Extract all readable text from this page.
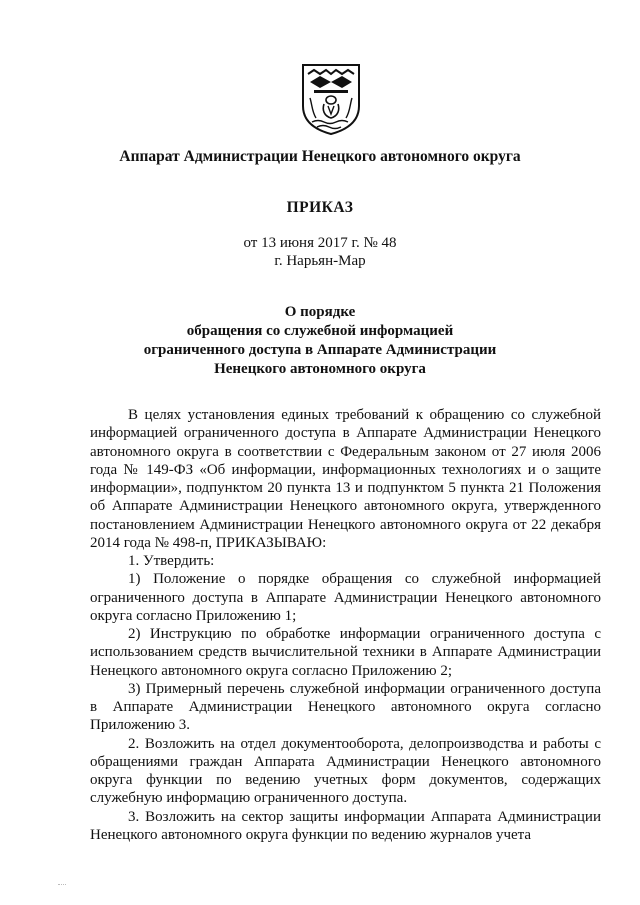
Аппарат Администрации Ненецкого автономного округа
ПРИКАЗ
от 13 июня 2017 г. № 48
г. Нарьян-Мар
О порядке
обращения со служебной информацией
ограниченного доступа в Аппарате Администрации
Ненецкого автономного округа

В целях установления единых требований к обращению со служебной информацией ограниченного доступа в Аппарате Администрации Ненецкого автономного округа в соответствии с Федеральным законом от 27 июля 2006 года № 149-ФЗ «Об информации, информационных технологиях и о защите информации», подпунктом 20 пункта 13 и подпунктом 5 пункта 21 Положения об Аппарате Администрации Ненецкого автономного округа, утвержденного постановлением Администрации Ненецкого автономного округа от 22 декабря 2014 года № 498-п, ПРИКАЗЫВАЮ:

1. Утвердить:

1) Положение о порядке обращения со служебной информацией ограниченного доступа в Аппарате Администрации Ненецкого автономного округа согласно Приложению 1;

2) Инструкцию по обработке информации ограниченного доступа с использованием средств вычислительной техники в Аппарате Администрации Ненецкого автономного округа согласно Приложению 2;

3) Примерный перечень служебной информации ограниченного доступа в Аппарате Администрации Ненецкого автономного округа согласно Приложению 3.

2. Возложить на отдел документооборота, делопроизводства и работы с обращениями граждан Аппарата Администрации Ненецкого автономного округа функции по ведению учетных форм документов, содержащих служебную информацию ограниченного доступа.

3. Возложить на сектор защиты информации Аппарата Администрации Ненецкого автономного округа функции по ведению журналов учета
